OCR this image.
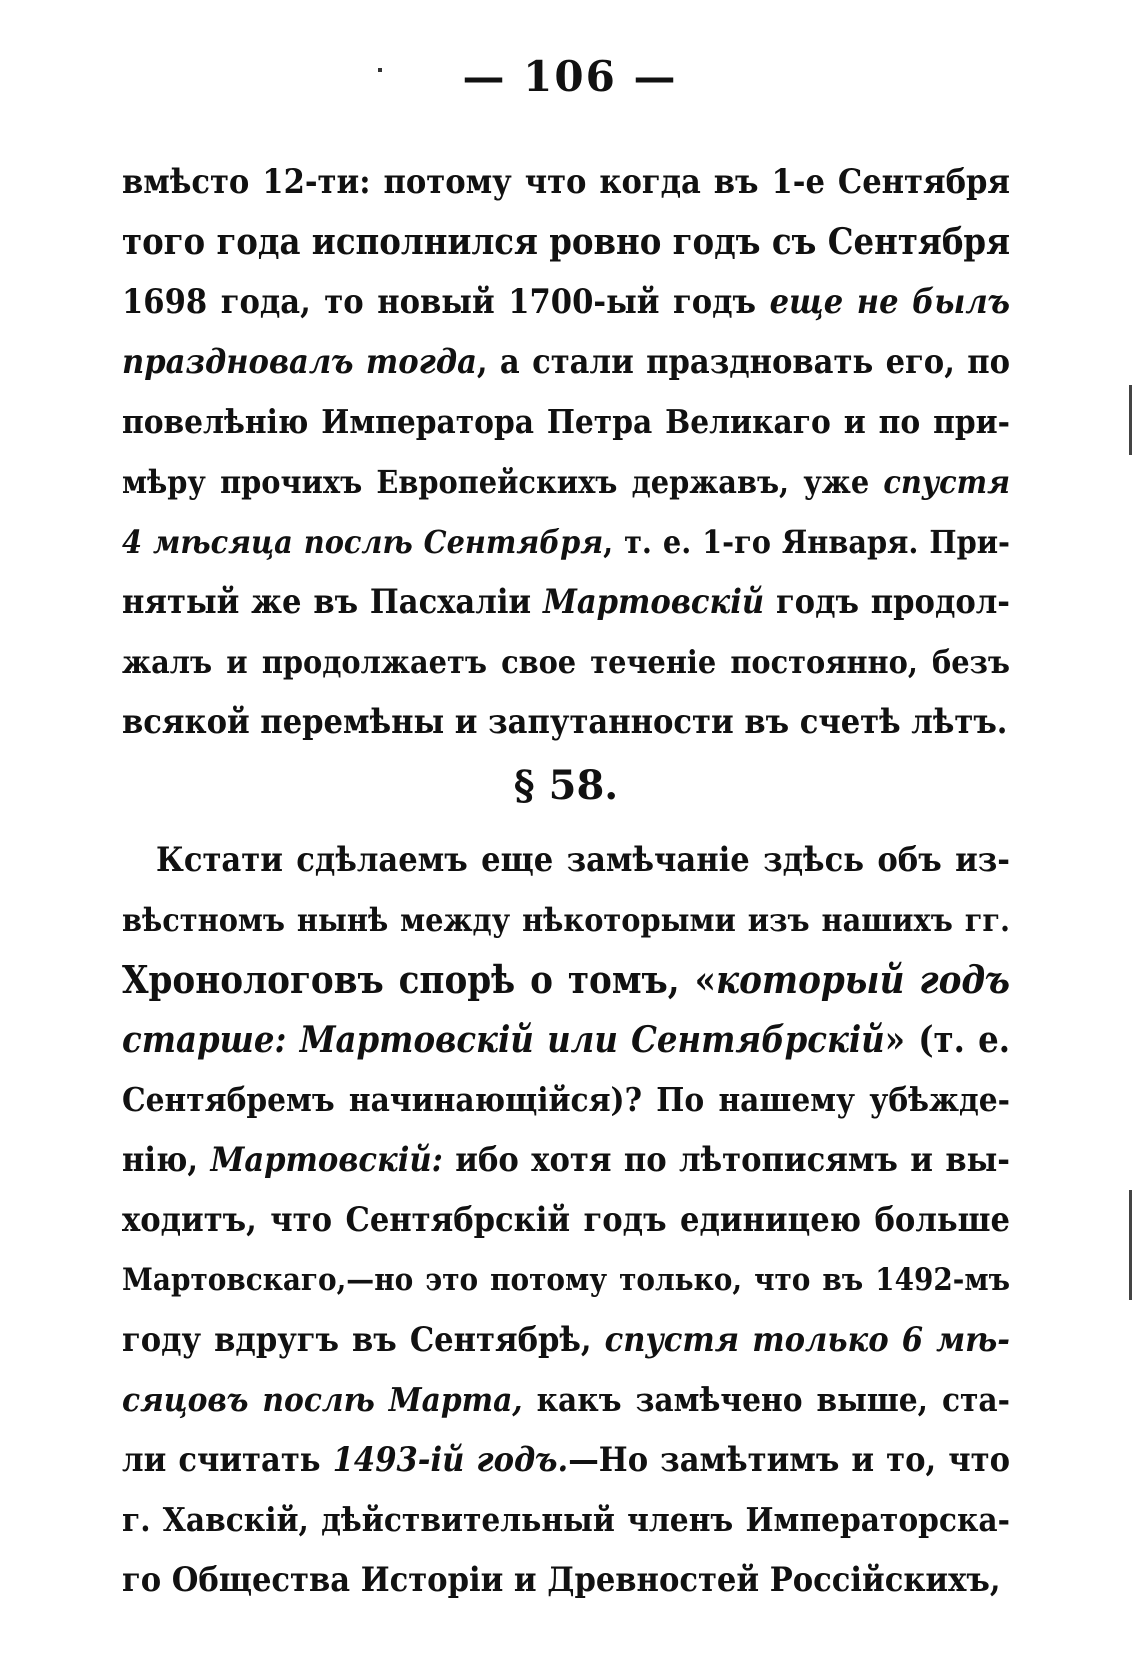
— 106 —
вмѣсто 12-ти: потому что когда въ 1-е Сентября
того года исполнился ровно годъ съ Сентября
1698 года, то новый 1700-ый годъ еще не былъ
праздновалъ тогда, а стали праздновать его, по
повелѣнію Императора Петра Великаго и по при-
мѣру прочихъ Европейскихъ державъ, уже спустя
4 мѣсяца послѣ Сентября, т. е. 1-го Января. При-
нятый же въ Пасхаліи Мартовскій годъ продол-
жалъ и продолжаетъ свое теченіе постоянно, безъ
всякой перемѣны и запутанности въ счетѣ лѣтъ.
§ 58.
Кстати сдѣлаемъ еще замѣчаніе здѣсь объ из-
вѣстномъ нынѣ между нѣкоторыми изъ нашихъ гг.
Хронологовъ спорѣ о томъ, «который годъ
старше: Мартовскій или Сентябрскій» (т. е.
Сентябремъ начинающійся)? По нашему убѣжде-
нію, Мартовскій: ибо хотя по лѣтописямъ и вы-
ходитъ, что Сентябрскій годъ единицею больше
Мартовскаго,—но это потому только, что въ 1492-мъ
году вдругъ въ Сентябрѣ, спустя только 6 мѣ-
сяцовъ послѣ Марта, какъ замѣчено выше, ста-
ли считать 1493-ій годъ.—Но замѣтимъ и то, что
г. Хавскій, дѣйствительный членъ Императорска-
го Общества Исторіи и Древностей Россійскихъ,
